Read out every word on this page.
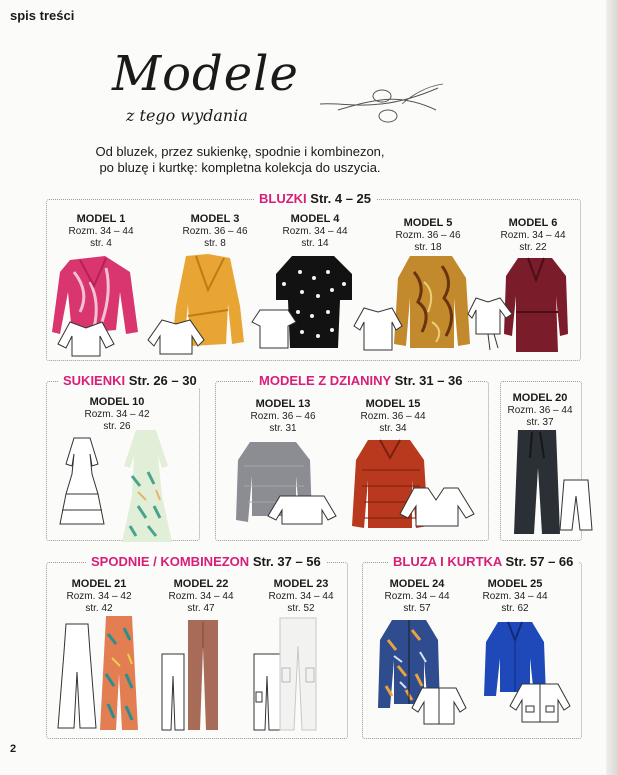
spis treści
Modele
z tego wydania
Od bluzek, przez sukienkę, spodnie i kombinezon,
po bluzę i kurtkę: kompletna kolekcja do uszycia.
BLUZKI Str. 4 – 25
MODEL 1
Rozm. 34 – 44
str. 4
MODEL 3
Rozm. 36 – 46
str. 8
MODEL 4
Rozm. 34 – 44
str. 14
MODEL 5
Rozm. 36 – 46
str. 18
MODEL 6
Rozm. 34 – 44
str. 22
SUKIENKI Str. 26 – 30
MODEL 10
Rozm. 34 – 42
str. 26
MODELE Z DZIANINY Str. 31 – 36
MODEL 13
Rozm. 36 – 46
str. 31
MODEL 15
Rozm. 36 – 44
str. 34
MODEL 20
Rozm. 36 – 44
str. 37
SPODNIE / KOMBINEZON Str. 37 – 56
MODEL 21
Rozm. 34 – 42
str. 42
MODEL 22
Rozm. 34 – 44
str. 47
MODEL 23
Rozm. 34 – 44
str. 52
BLUZA I KURTKA Str. 57 – 66
MODEL 24
Rozm. 34 – 44
str. 57
MODEL 25
Rozm. 34 – 44
str. 62
2
